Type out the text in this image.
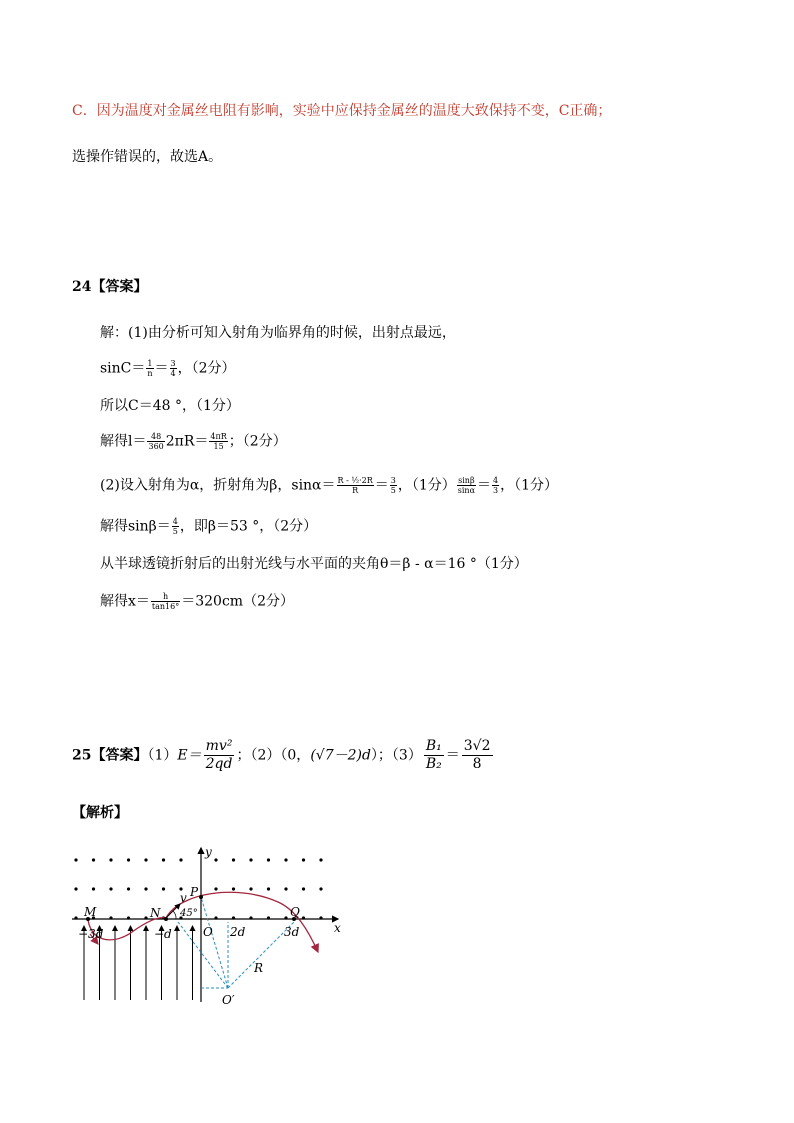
C．因为温度对金属丝电阻有影响，实验中应保持金属丝的温度大致保持不变，C正确；
选操作错误的，故选A。
24【答案】
解：(1)由分析可知入射角为临界角的时候，出射点最远，
$\sin C= \frac{1}{n} = \frac{3}{4}$ ，（2分）
所以C＝48 °，（1分）
解得$l= \frac{48}{360} 2\pi R= \frac{4\pi R}{15}$ ；（2分）
(2)设入射角为α，折射角为β，$\sin\alpha= \frac{\text{R - ½·2R}}{R} = \frac{3}{5}$ ，（1分） $\frac{\sin\beta}{\sin\alpha} = \frac{4}{3}$ ，（1分）
解得$\sin\beta= \frac{4}{5}$ ，即β＝53 °，（2分）
从半球透镜折射后的出射光线与水平面的夹角θ＝β - α＝16 °（1分）
解得$x= \frac{h}{\tan 16^\circ} =320cm(2$分）
25【答案】$(1)E= \frac{\text{mv²}}{2qd}$ ；（2）（0，(√7－2)d）；$(3) \frac{\text{B₁}}{\text{B₂}} = \frac{3√2}{8}$
【解析】
y
x
M	N
P
v
45°	Q
O
−3d	−d	2d	3d
R
O′
